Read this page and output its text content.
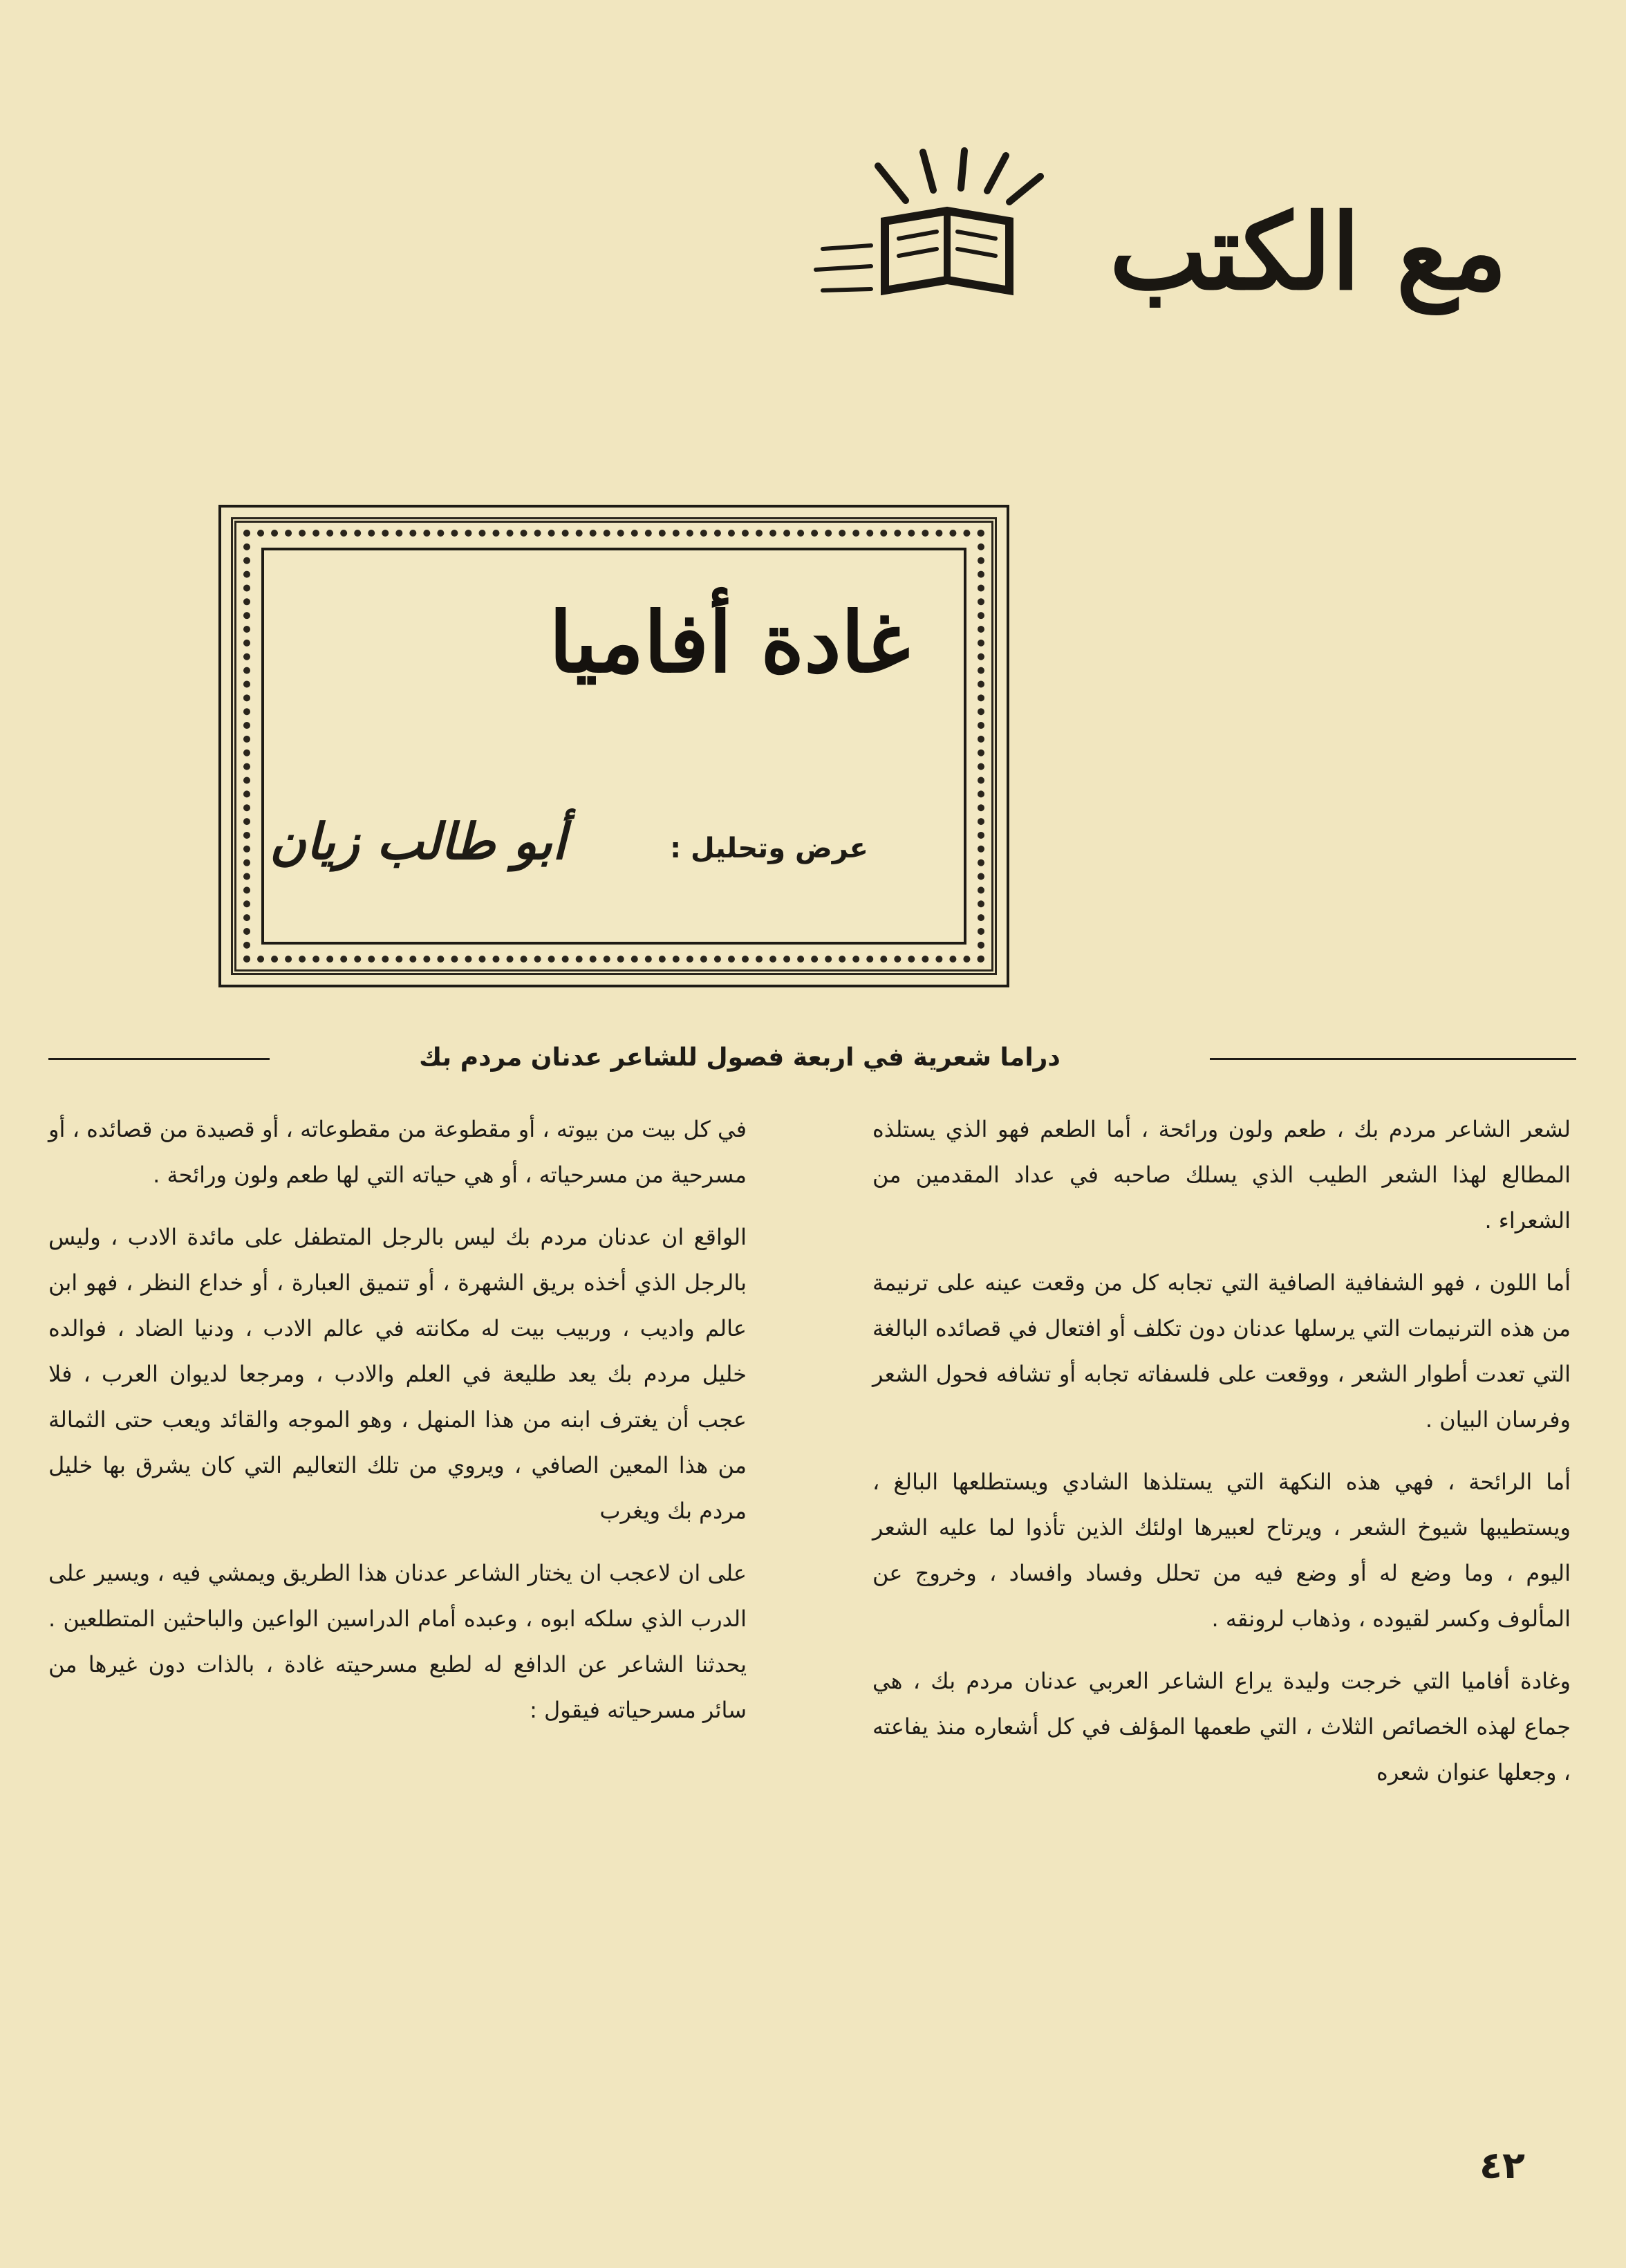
مع الكتب
غادة أفاميا
عرض وتحليل :
أبو طالب زيان
دراما شعرية في اربعة فصول للشاعر عدنان مردم بك

لشعر الشاعر مردم بك ، طعم ولون ورائحة ، أما الطعم فهو الذي يستلذه المطالع لهذا الشعر الطيب الذي يسلك صاحبه في عداد المقدمين من الشعراء .

أما اللون ، فهو الشفافية الصافية التي تجابه كل من وقعت عينه على ترنيمة من هذه الترنيمات التي يرسلها عدنان دون تكلف أو افتعال في قصائده البالغة التي تعدت أطوار الشعر ، ووقعت على فلسفاته تجابه أو تشافه فحول الشعر وفرسان البيان .

أما الرائحة ، فهي هذه النكهة التي يستلذها الشادي ويستطلعها البالغ ، ويستطيبها شيوخ الشعر ، ويرتاح لعبيرها اولئك الذين تأذوا لما عليه الشعر اليوم ، وما وضع له أو وضع فيه من تحلل وفساد وافساد ، وخروج عن المألوف وكسر لقيوده ، وذهاب لرونقه .

وغادة أفاميا التي خرجت وليدة يراع الشاعر العربي عدنان مردم بك ، هي جماع لهذه الخصائص الثلاث ، التي طعمها المؤلف في كل أشعاره منذ يفاعته ، وجعلها عنوان شعره

في كل بيت من بيوته ، أو مقطوعة من مقطوعاته ، أو قصيدة من قصائده ، أو مسرحية من مسرحياته ، أو هي حياته التي لها طعم ولون ورائحة .

الواقع ان عدنان مردم بك ليس بالرجل المتطفل على مائدة الادب ، وليس بالرجل الذي أخذه بريق الشهرة ، أو تنميق العبارة ، أو خداع النظر ، فهو ابن عالم واديب ، وربيب بيت له مكانته في عالم الادب ، ودنيا الضاد ، فوالده خليل مردم بك يعد طليعة في العلم والادب ، ومرجعا لديوان العرب ، فلا عجب أن يغترف ابنه من هذا المنهل ، وهو الموجه والقائد ويعب حتى الثمالة من هذا المعين الصافي ، ويروي من تلك التعاليم التي كان يشرق بها خليل مردم بك ويغرب

على ان لاعجب ان يختار الشاعر عدنان هذا الطريق ويمشي فيه ، ويسير على الدرب الذي سلكه ابوه ، وعبده أمام الدراسين الواعين والباحثين المتطلعين . يحدثنا الشاعر عن الدافع له لطبع مسرحيته غادة ، بالذات دون غيرها من سائر مسرحياته فيقول :

٤٢
